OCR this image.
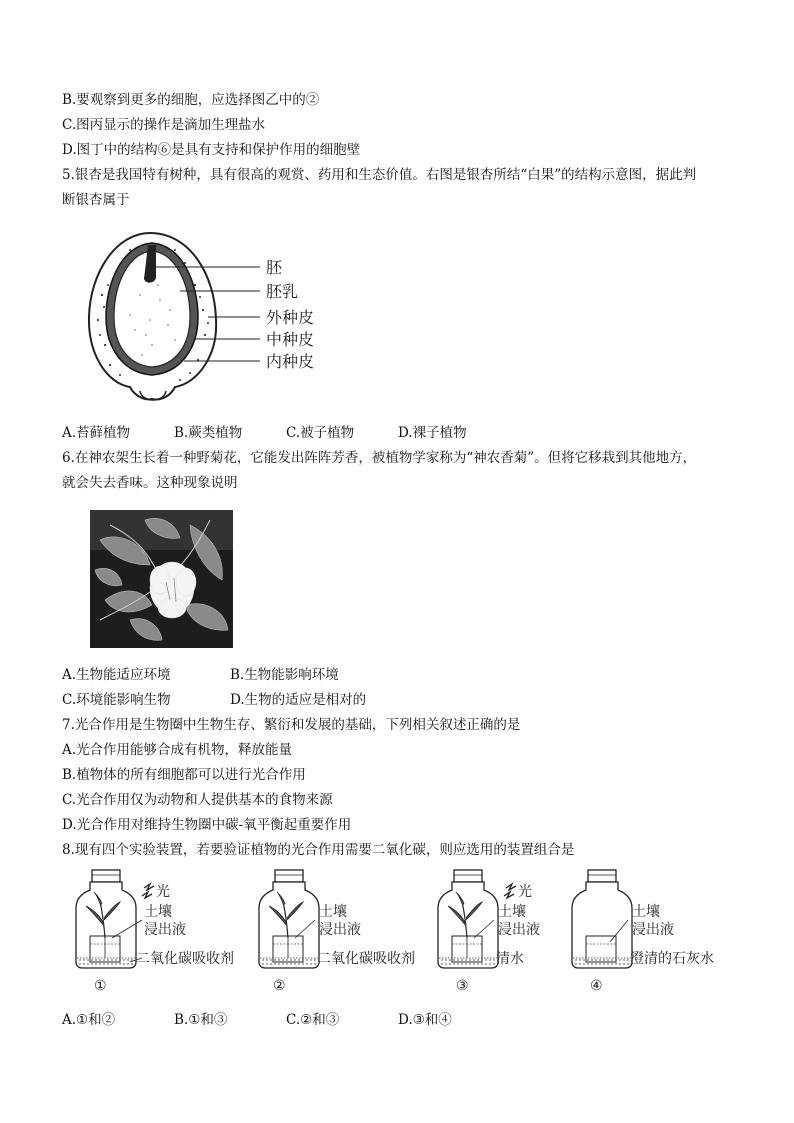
B.要观察到更多的细胞，应选择图乙中的②
C.图丙显示的操作是滴加生理盐水
D.图丁中的结构⑥是具有支持和保护作用的细胞壁
5.银杏是我国特有树种，具有很高的观赏、药用和生态价值。右图是银杏所结“白果”的结构示意图，据此判
断银杏属于
胚
胚乳
外种皮
中种皮
内种皮
A.苔藓植物	B.蕨类植物	C.被子植物	D.裸子植物
6.在神农架生长着一种野菊花，它能发出阵阵芳香，被植物学家称为“神农香菊”。但将它移栽到其他地方，
就会失去香味。这种现象说明
A.生物能适应环境	B.生物能影响环境
C.环境能影响生物	D.生物的适应是相对的
7.光合作用是生物圈中生物生存、繁衍和发展的基础，下列相关叙述正确的是
A.光合作用能够合成有机物，释放能量
B.植物体的所有细胞都可以进行光合作用
C.光合作用仅为动物和人提供基本的食物来源
D.光合作用对维持生物圈中碳-氧平衡起重要作用
8.现有四个实验装置，若要验证植物的光合作用需要二氧化碳，则应选用的装置组合是
光
土壤
浸出液
二氧化碳吸收剂
①
土壤
浸出液
二氧化碳吸收剂
②
光
土壤
浸出液
清水
③
土壤
浸出液
澄清的石灰水
④
A.①和②	B.①和③	C.②和③	D.③和④
